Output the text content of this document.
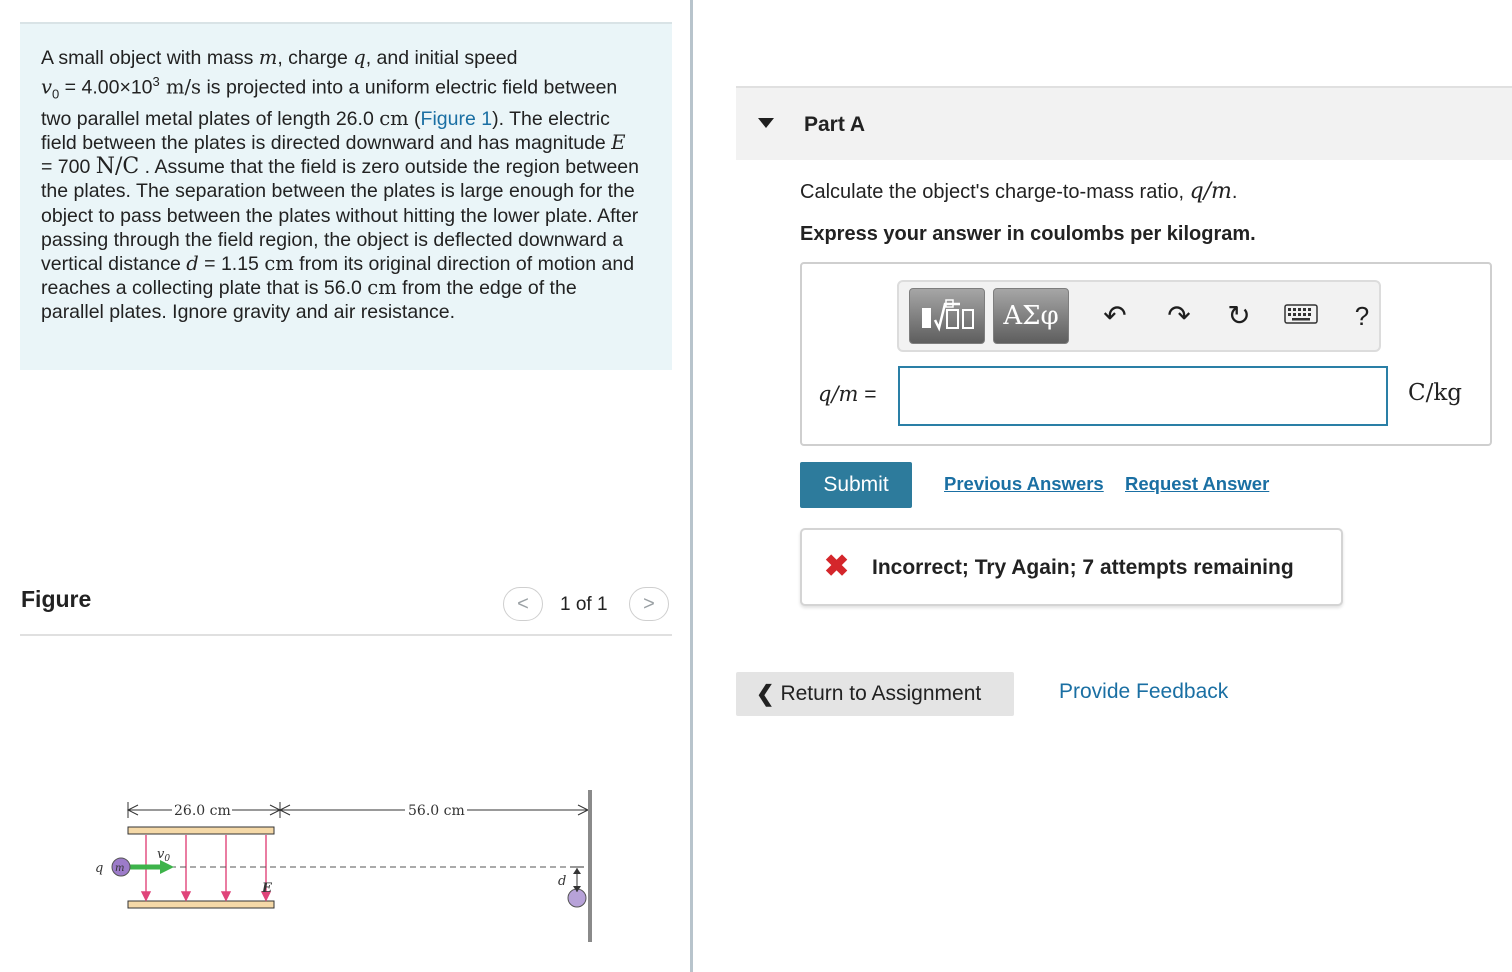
A small object with mass m, charge q, and initial speed
$v_0 = 4.00\times 10^3$ m/s is projected into a uniform electric field between two parallel metal plates of length 26.0 cm (Figure 1). The electric field between the plates is directed downward and has magnitude E = 700 N/C . Assume that the field is zero outside the region between the plates. The separation between the plates is large enough for the object to pass between the plates without hitting the lower plate. After passing through the field region, the object is deflected downward a vertical distance d = 1.15 cm from its original direction of motion and reaches a collecting plate that is 56.0 cm from the edge of the parallel plates. Ignore gravity and air resistance.

Figure	< 1 of 1 >
26.0 cm	56.0 cm
$v_0$
E
m
q
d
Part A
Calculate the object's charge-to-mass ratio, q/m.
Express your answer in coulombs per kilogram.
ΑΣφ	↶ ↷ ↻	?
q/m =	C/kg
Submit	Previous Answers Request Answer
✖ Incorrect; Try Again; 7 attempts remaining
❮ Return to Assignment	Provide Feedback
